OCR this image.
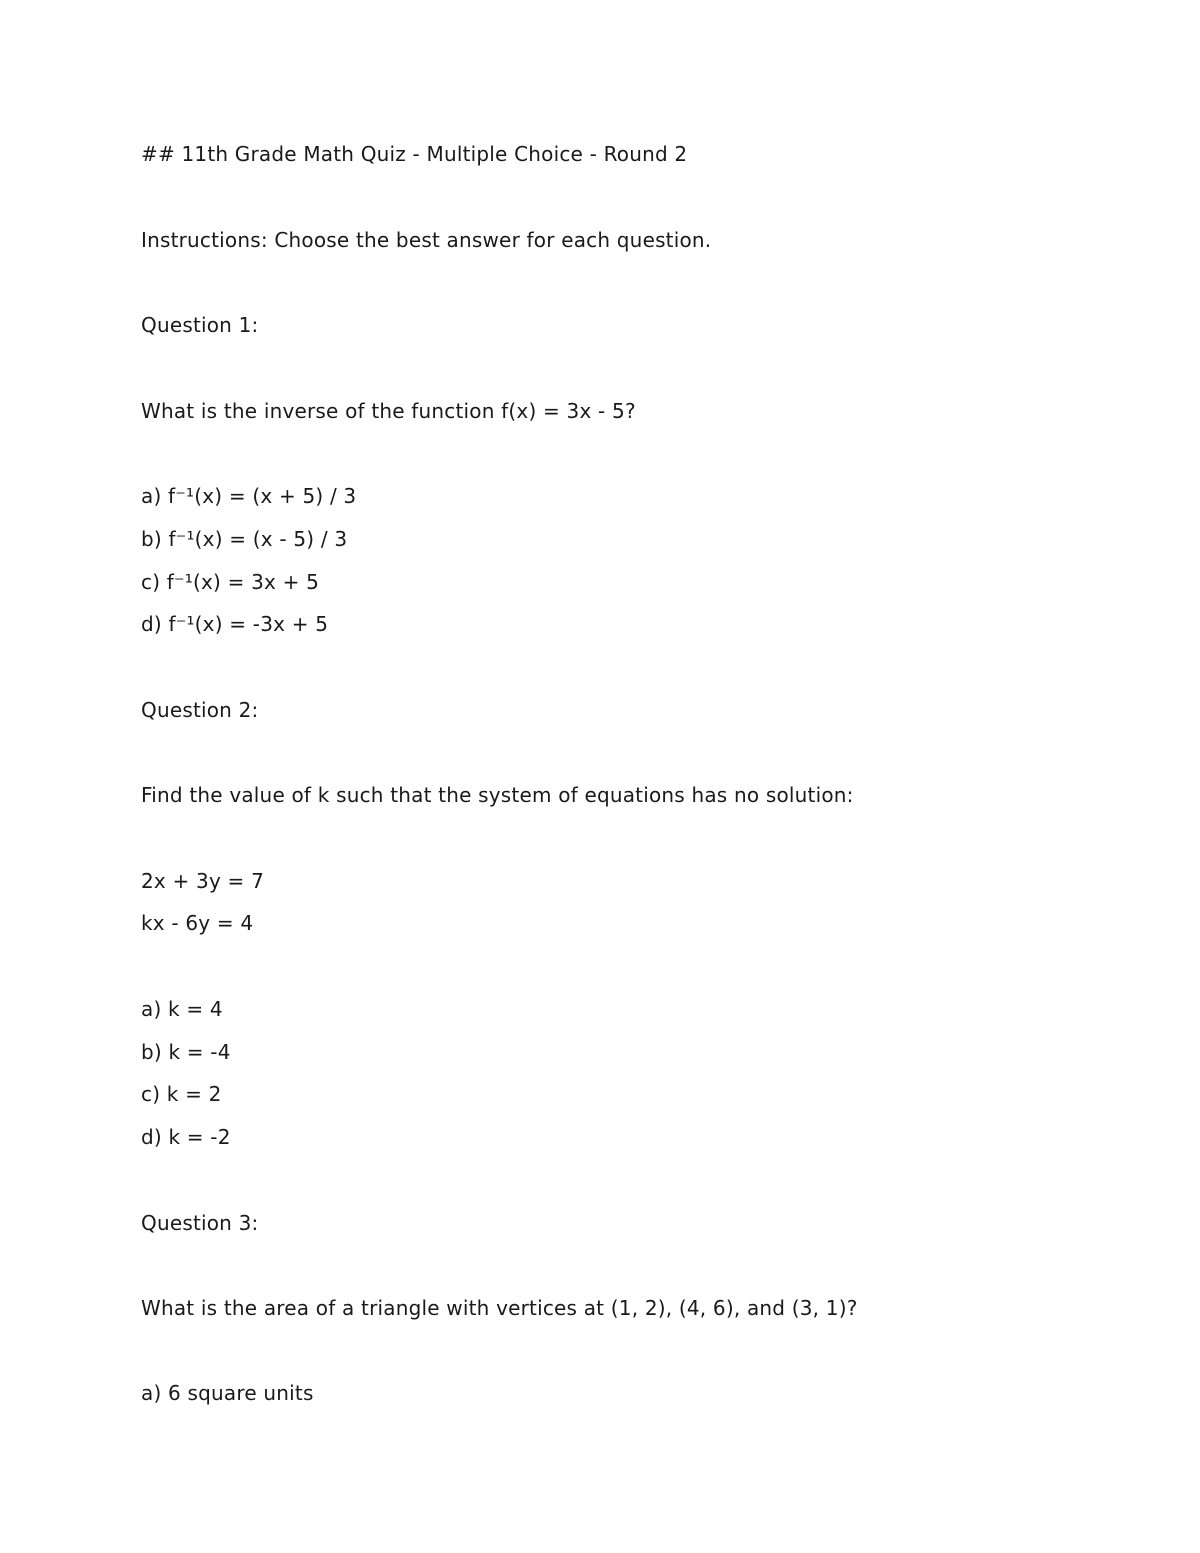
## 11th Grade Math Quiz - Multiple Choice - Round 2
Instructions: Choose the best answer for each question.
Question 1:
What is the inverse of the function f(x) = 3x - 5?
a) f⁻¹(x) = (x + 5) / 3
b) f⁻¹(x) = (x - 5) / 3
c) f⁻¹(x) = 3x + 5
d) f⁻¹(x) = -3x + 5
Question 2:
Find the value of k such that the system of equations has no solution:
2x + 3y = 7
kx - 6y = 4
a) k = 4
b) k = -4
c) k = 2
d) k = -2
Question 3:
What is the area of a triangle with vertices at (1, 2), (4, 6), and (3, 1)?
a) 6 square units
